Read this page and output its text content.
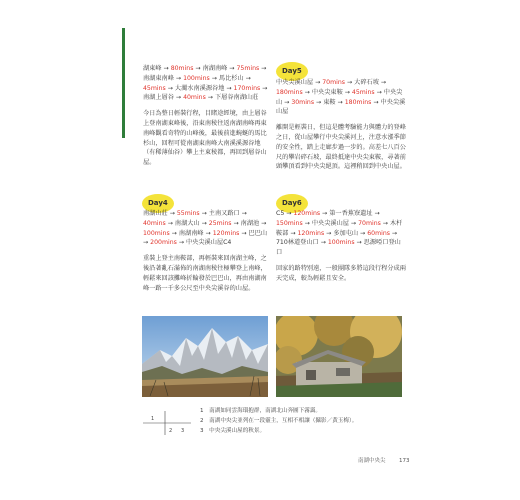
湖東峰 → 80mins → 南湖南峰 → 75mins → 南湖東南峰 → 100mins → 馬比杉山 → 45mins → 大濁水南溪源谷地 → 170mins → 南湖上層谷 → 40mins → 下層谷南湖山莊

今日為整日輕裝行程，目睹途經境，由上層谷上登南湖東峰後，沿東南稜往返南湖南峰再東南峰觀看奇特的山峰後，最後前進蜿蜒的馬比杉山，回程可從南湖東南峰大南溪溪源谷地（有稀薄仙谷）攀上主東稜都，再回到層谷山屋。

Day5

中央尖溪山屋 → 70mins → 大碎石坡 → 180mins → 中央尖東鞍 → 45mins → 中央尖山 → 30mins → 東鞍 → 180mins → 中央尖溪山屋

離開是輕裝日，但這是體考驗能力與體力的登峰之日，從山屋攀行中央尖溪河上，注意水漲季節的安全性，踏上走廊步過一步的。高差七八百公尺的攀岩碎石坡，最終抵達中央尖東鞍，尋著前頭攀頂看到中央尖絕頂。這裡稍回到中央山屋。

Day4

南湖山莊 → 55mins → 主南又路口 → 40mins → 南湖大山 → 25mins → 南湖池 → 100mins → 南湖南峰 → 120mins → 巴巴山 → 200mins → 中央尖溪山屋C4

重裝上登主南鞍部，再輕裝來回南湖主峰，之後沿著亂石滿佈的南湖南稜往極攀登上南峰，輕鬆來回該攤峰折輪發於巴巴山，再由南湖南峰一路一千多公尺至中央尖溪谷的山屋。

Day6

C5 → 120mins → 第一香蕉寮遺址 → 150mins → 中央尖溪山屋 → 70mins → 木杆鞍部 → 120mins → 多加屯山 → 60mins → 710林道登山口 → 100mins → 思源啞口登山口

回家的路特別遠，一般團隊多將這段行程分成兩天完成，較為輕鬆且安全。

1
2 3
1　南湖如同雲海環抱群，南湖北山奔圖下霧靄。
2　南湖中央尖並列在一段靈主，互相不相讓（攝影／黃玉梅）。
3　中央尖溪山屋的秋景。
南湖中央尖 173
